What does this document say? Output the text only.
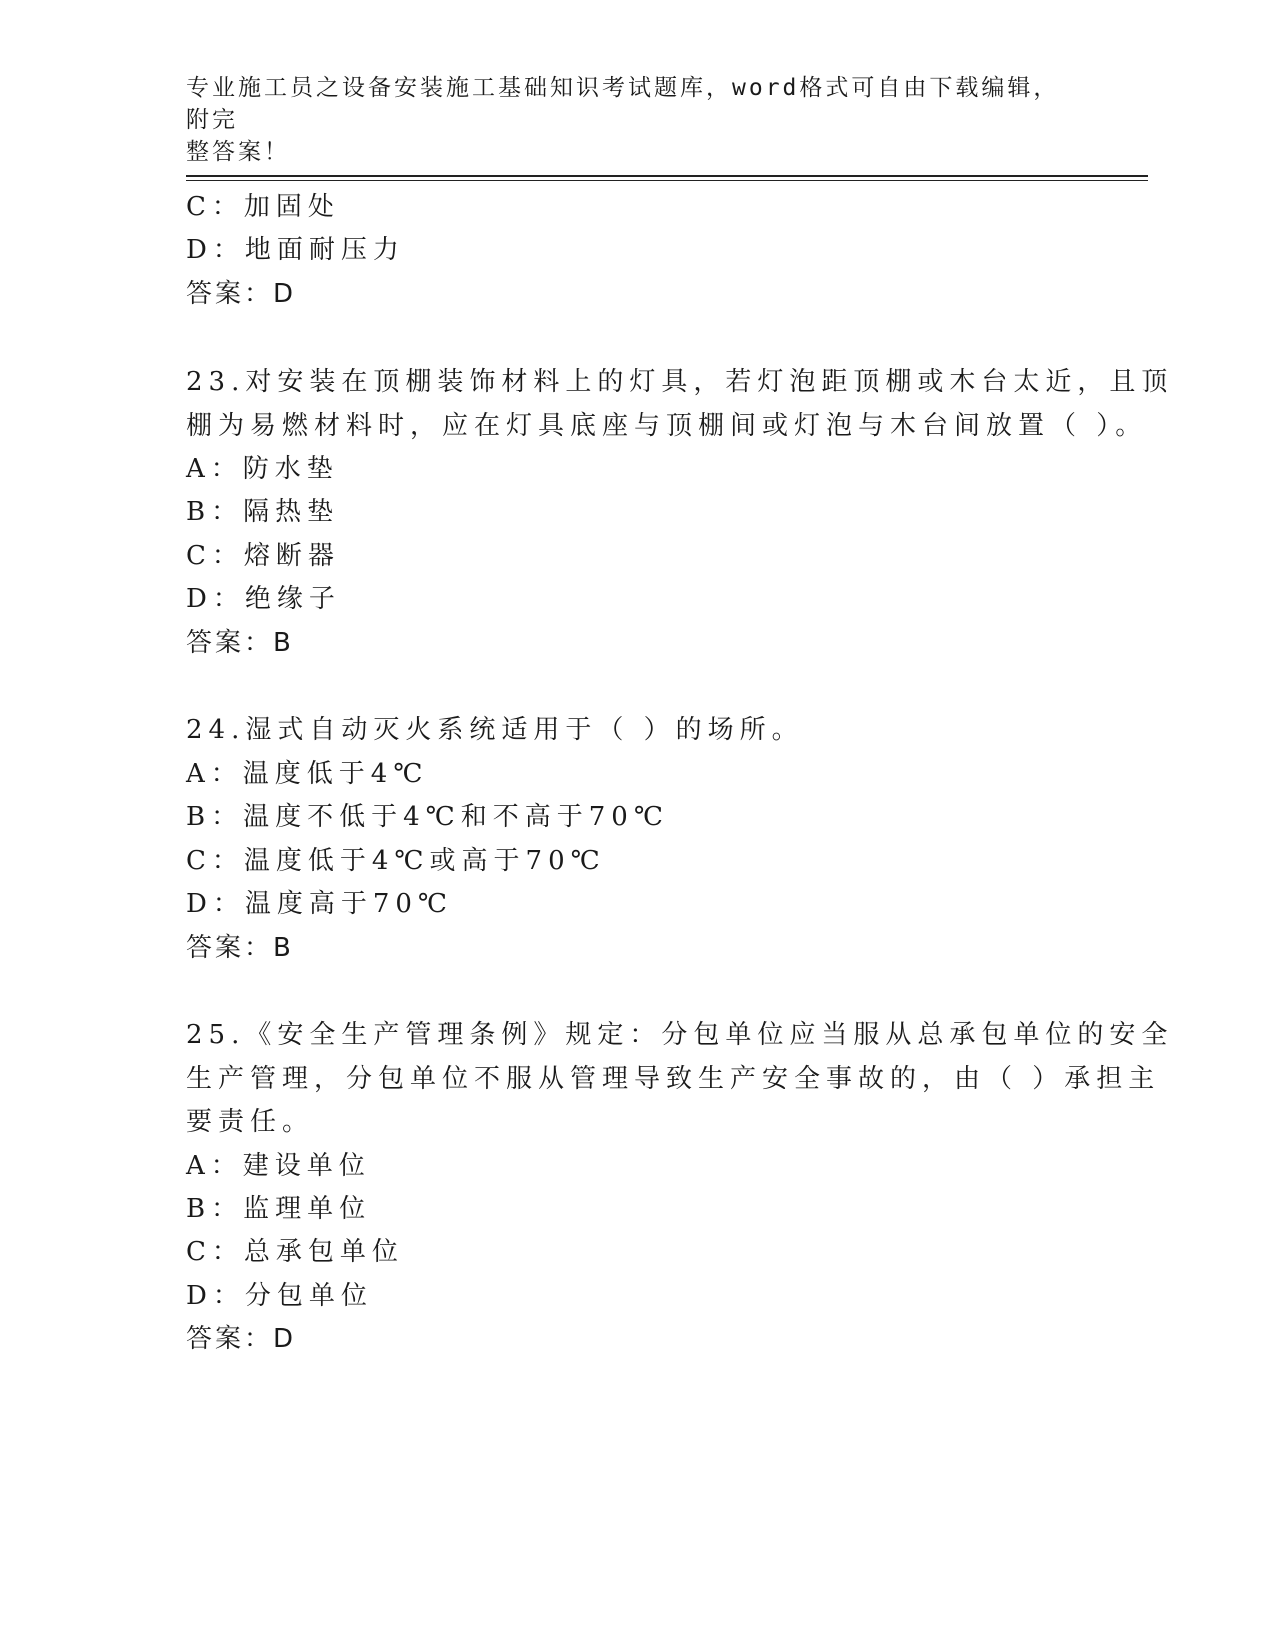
专业施工员之设备安装施工基础知识考试题库，word格式可自由下载编辑，附完
整答案！
C：加固处
D：地面耐压力
答案：D
23.对安装在顶棚装饰材料上的灯具，若灯泡距顶棚或木台太近，且顶
棚为易燃材料时，应在灯具底座与顶棚间或灯泡与木台间放置（ ）。
A：防水垫
B：隔热垫
C：熔断器
D：绝缘子
答案：B
24.湿式自动灭火系统适用于（ ）的场所。
A：温度低于4℃
B：温度不低于4℃和不高于70℃
C：温度低于4℃或高于70℃
D：温度高于70℃
答案：B
25.《安全生产管理条例》规定：分包单位应当服从总承包单位的安全
生产管理，分包单位不服从管理导致生产安全事故的，由（ ）承担主
要责任。
A：建设单位
B：监理单位
C：总承包单位
D：分包单位
答案：D
